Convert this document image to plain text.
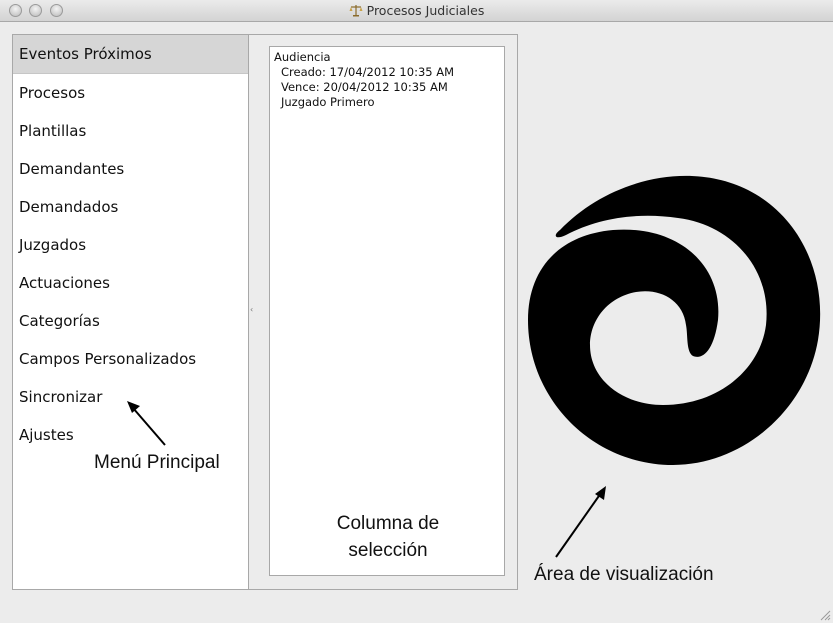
Procesos Judiciales
Eventos Próximos
Procesos
Plantillas
Demandantes
Demandados
Juzgados
Actuaciones
Categorías
Campos Personalizados
Sincronizar
Ajustes
‹
Audiencia
Creado: 17/04/2012 10:35 AM
Vence: 20/04/2012 10:35 AM
Juzgado Primero
Menú Principal
Columna de
selección
Área de visualización
